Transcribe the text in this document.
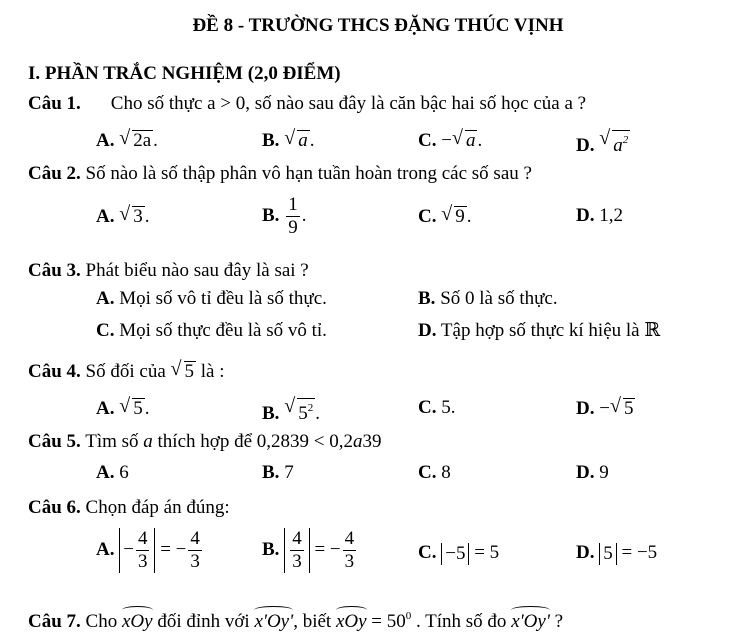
ĐỀ 8 - TRƯỜNG THCS ĐẶNG THÚC VỊNH
I. PHẦN TRẮC NGHIỆM (2,0 ĐIỂM)
Câu 1. Cho số thực a > 0, số nào sau đây là căn bậc hai số học của a ?
A. √ 2a .	B. √ a .	C. − √ a .	D. √ $a^2$
Câu 2. Số nào là số thập phân vô hạn tuần hoàn trong các số sau ?
A. √ 3 .	B. $\frac{1}{9}$ .	C. √ 9 .	D. 1,2
Câu 3. Phát biểu nào sau đây là sai ?
A. Mọi số vô tỉ đều là số thực.	B. Số 0 là số thực.
C. Mọi số thực đều là số vô tỉ.	D. Tập hợp số thực kí hiệu là ℝ
Câu 4. Số đối của √ 5 là :
A. √ 5 .	B. √ $5^2$ .	C. 5.	D. − √ 5
Câu 5. Tìm số a thích hợp để 0,2839 < 0,2a39
A. 6	B. 7	C. 8	D. 9
Câu 6. Chọn đáp án đúng:
A. − $\frac{4}{3}$ = − $\frac{4}{3}$	B. $\frac{4}{3}$ = − $\frac{4}{3}$	C. −5 = 5	D. 5 = −5
Câu 7. Cho xOy đối đỉnh với x'Oy', biết xOy = $50^0$ . Tính số đo x'Oy' ?
